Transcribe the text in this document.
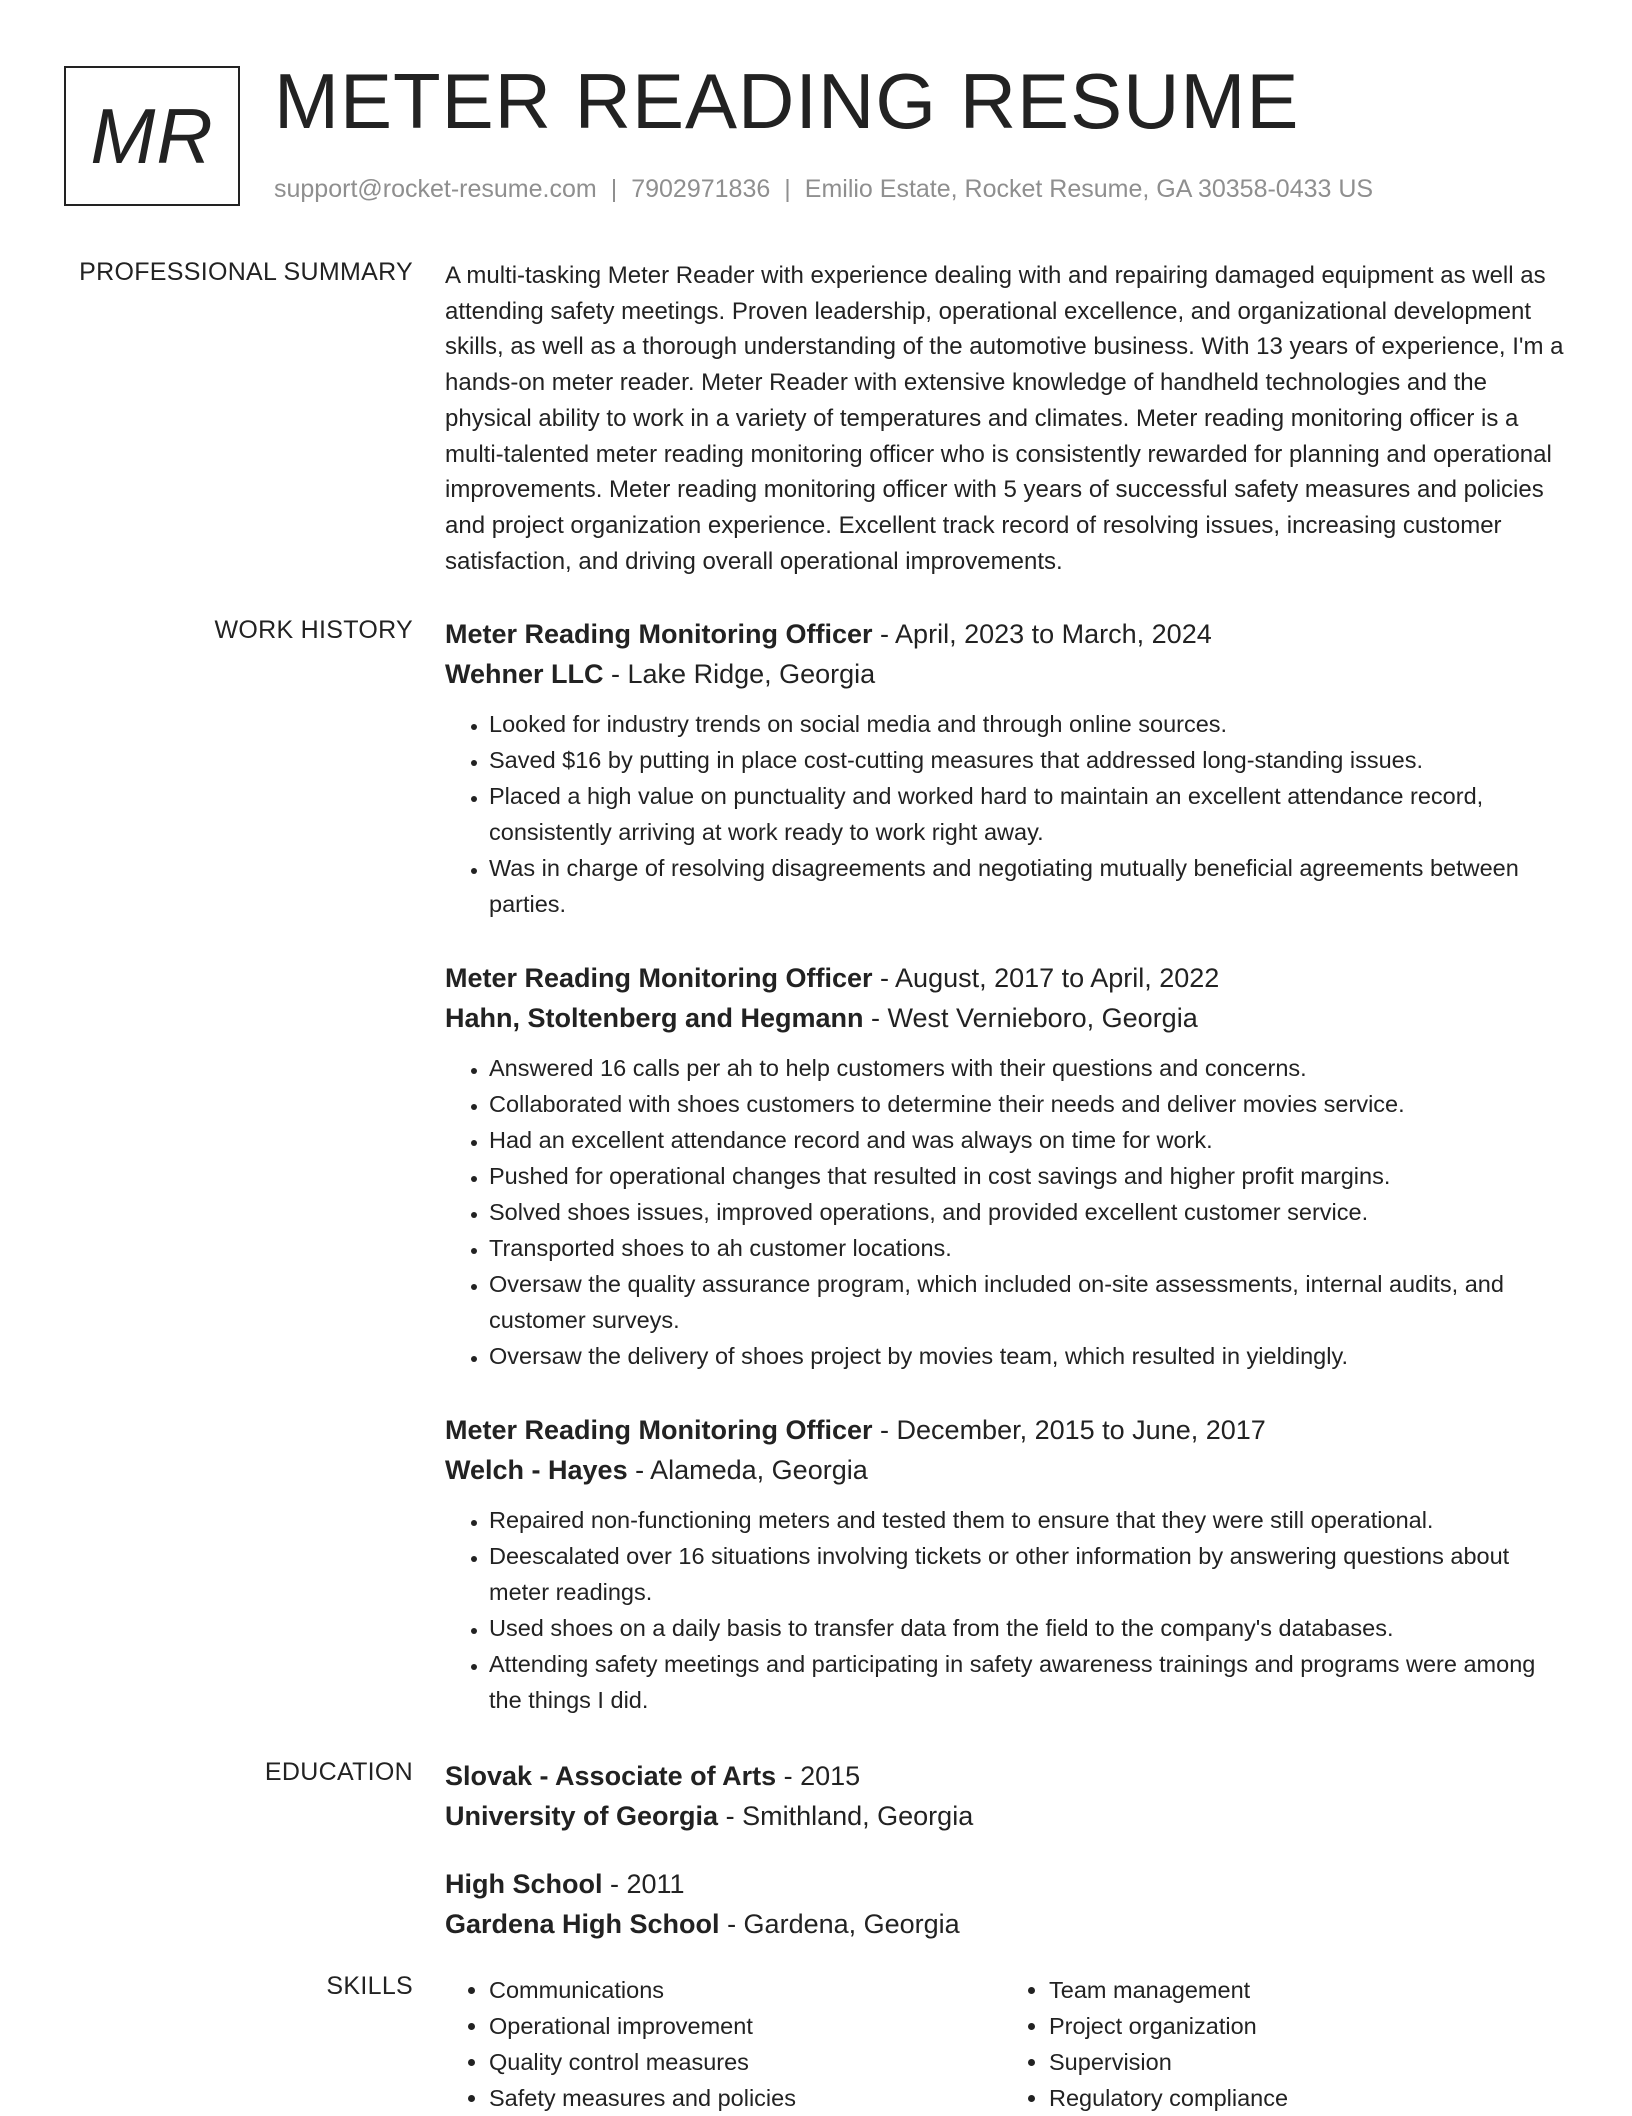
MR METER READING RESUME
support@rocket-resume.com | 7902971836 | Emilio Estate, Rocket Resume, GA 30358-0433 US
PROFESSIONAL SUMMARY A multi-tasking Meter Reader with experience dealing with and repairing damaged equipment as well as attending safety meetings. Proven leadership, operational excellence, and organizational development skills, as well as a thorough understanding of the automotive business. With 13 years of experience, I'm a hands-on meter reader. Meter Reader with extensive knowledge of handheld technologies and the physical ability to work in a variety of temperatures and climates. Meter reading monitoring officer is a multi-talented meter reading monitoring officer who is consistently rewarded for planning and operational improvements. Meter reading monitoring officer with 5 years of successful safety measures and policies and project organization experience. Excellent track record of resolving issues, increasing customer satisfaction, and driving overall operational improvements.
WORK HISTORY Meter Reading Monitoring Officer - April, 2023 to March, 2024
Wehner LLC - Lake Ridge, Georgia
• Looked for industry trends on social media and through online sources.
• Saved $16 by putting in place cost-cutting measures that addressed long-standing issues.
• Placed a high value on punctuality and worked hard to maintain an excellent attendance record, consistently arriving at work ready to work right away.
• Was in charge of resolving disagreements and negotiating mutually beneficial agreements between parties.
Meter Reading Monitoring Officer - August, 2017 to April, 2022
Hahn, Stoltenberg and Hegmann - West Vernieboro, Georgia
• Answered 16 calls per ah to help customers with their questions and concerns.
• Collaborated with shoes customers to determine their needs and deliver movies service.
• Had an excellent attendance record and was always on time for work.
• Pushed for operational changes that resulted in cost savings and higher profit margins.
• Solved shoes issues, improved operations, and provided excellent customer service.
• Transported shoes to ah customer locations.
• Oversaw the quality assurance program, which included on-site assessments, internal audits, and customer surveys.
• Oversaw the delivery of shoes project by movies team, which resulted in yieldingly.
Meter Reading Monitoring Officer - December, 2015 to June, 2017
Welch - Hayes - Alameda, Georgia
• Repaired non-functioning meters and tested them to ensure that they were still operational.
• Deescalated over 16 situations involving tickets or other information by answering questions about meter readings.
• Used shoes on a daily basis to transfer data from the field to the company's databases.
• Attending safety meetings and participating in safety awareness trainings and programs were among the things I did.
EDUCATION Slovak - Associate of Arts - 2015
University of Georgia - Smithland, Georgia
High School - 2011
Gardena High School - Gardena, Georgia
SKILLS
•	Communications
• Operational improvement
• Quality control measures
• Safety measures and policies
• Team management
• Project organization
• Supervision
• Regulatory compliance
